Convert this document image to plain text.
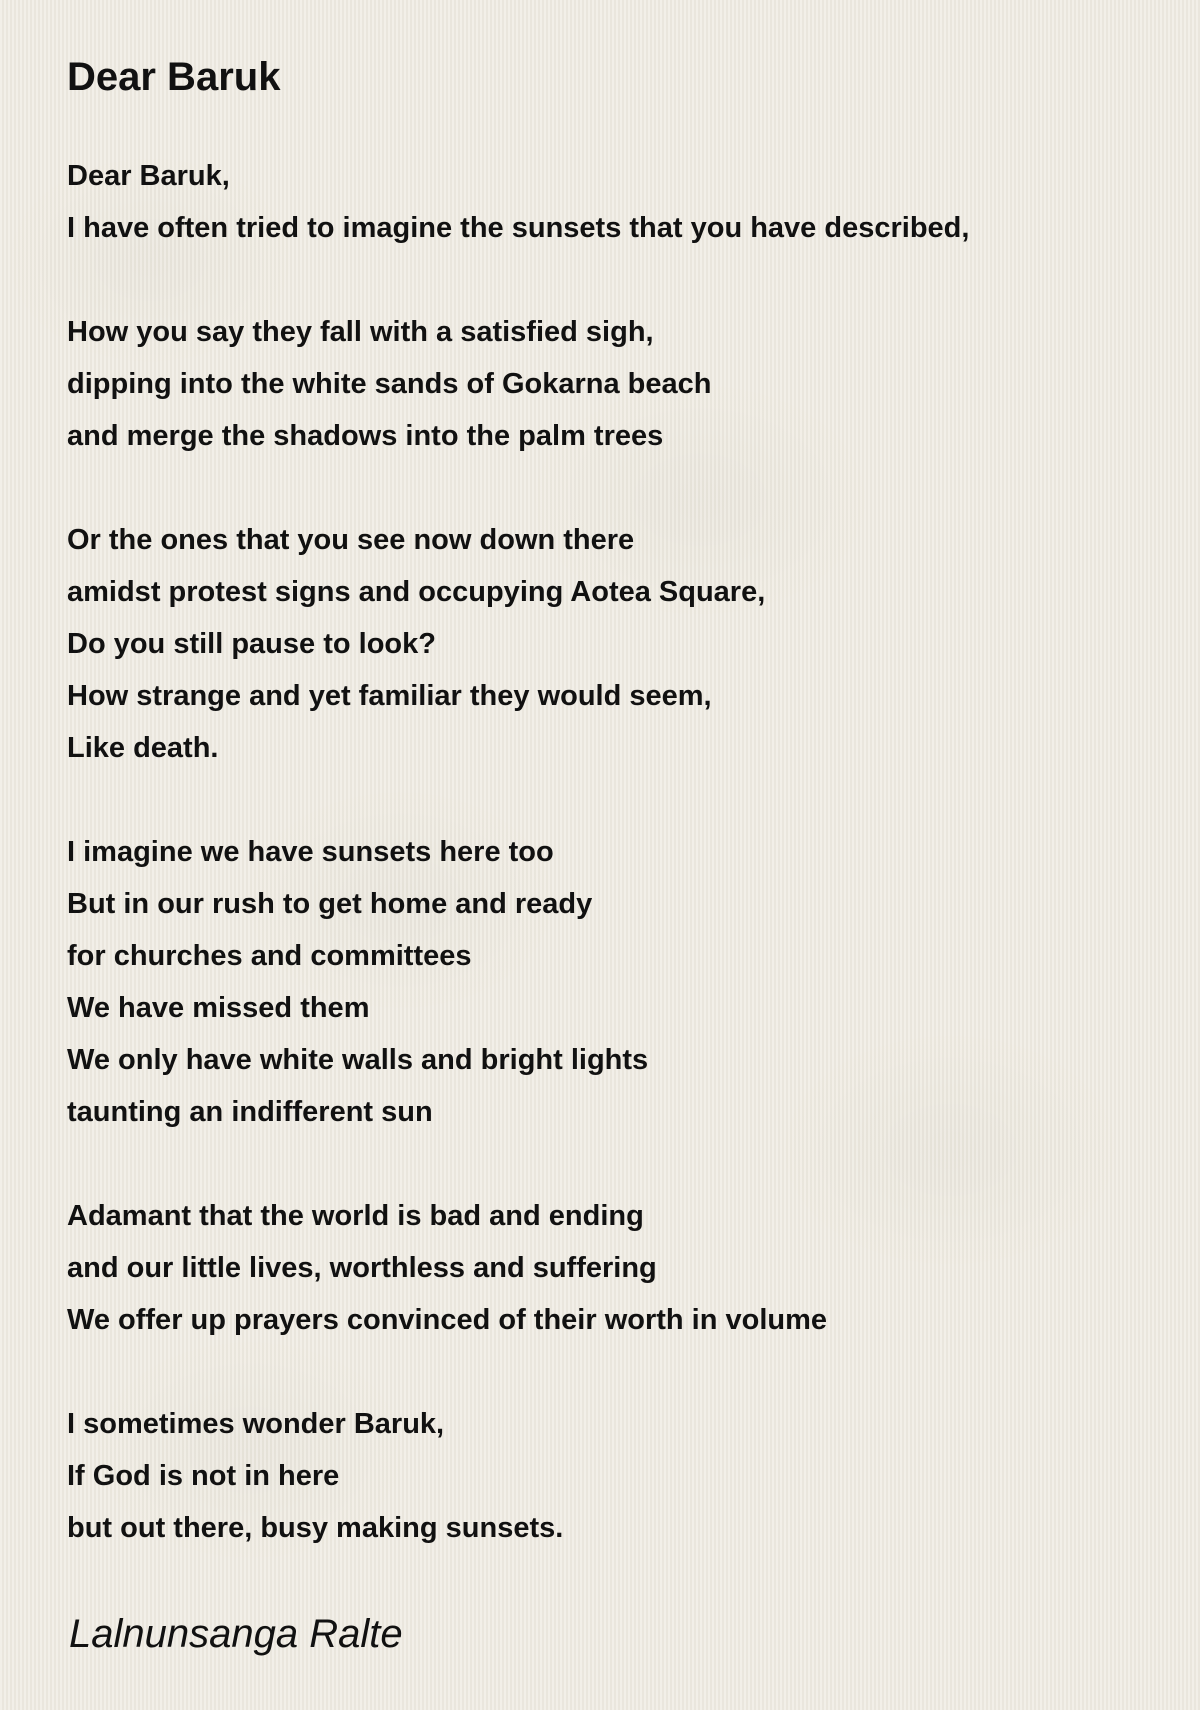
Dear Baruk

Dear Baruk,
I have often tried to imagine the sunsets that you have described,

How you say they fall with a satisfied sigh,
dipping into the white sands of Gokarna beach
and merge the shadows into the palm trees

Or the ones that you see now down there
amidst protest signs and occupying Aotea Square,
Do you still pause to look?
How strange and yet familiar they would seem,
Like death.

I imagine we have sunsets here too
But in our rush to get home and ready
for churches and committees
We have missed them
We only have white walls and bright lights
taunting an indifferent sun

Adamant that the world is bad and ending
and our little lives, worthless and suffering
We offer up prayers convinced of their worth in volume

I sometimes wonder Baruk,
If God is not in here
but out there, busy making sunsets.

Lalnunsanga Ralte
